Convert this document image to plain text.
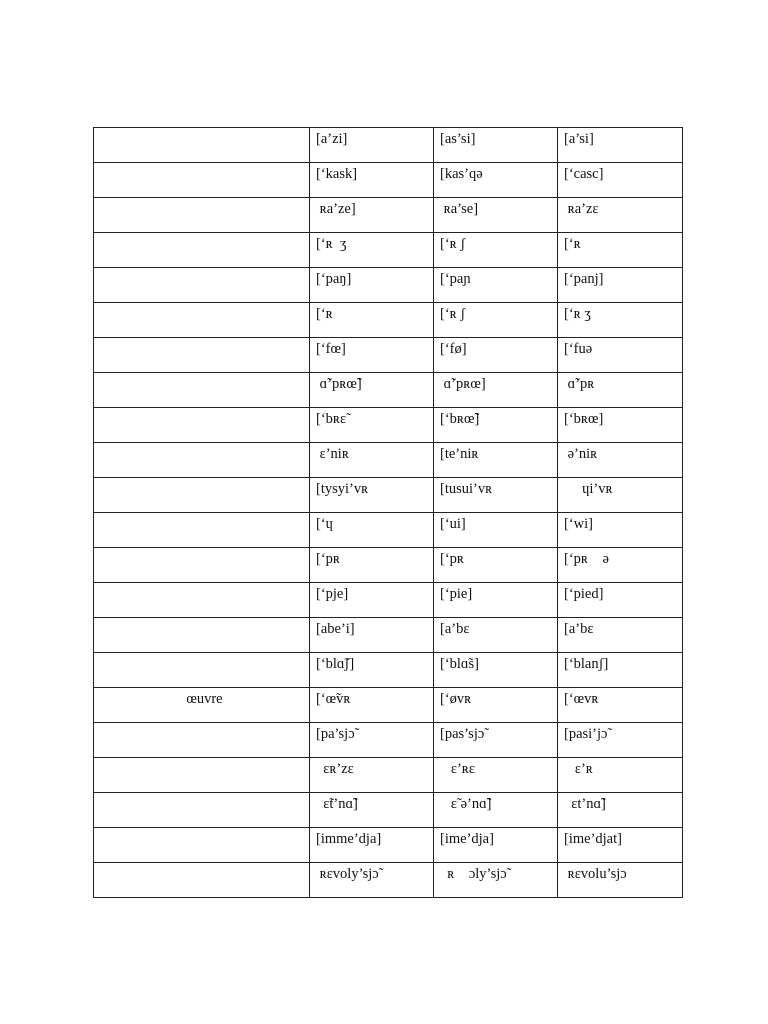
	[a’zi]	[as’si]	[a’si]

	[‘kask]	[kas’qə	[‘casc]

	ʀa’ze]	ʀa’se]	ʀa’zɛ

	[‘ʀ  ʒ	[‘ʀ ʃ	[‘ʀ

	[‘paŋ]	[‘paɲ	[‘panj]

	[‘ʀ	[‘ʀ ʃ	[‘ʀ ʒ

	[‘fœ]	[‘fø]	[‘fuə

	ɑ̃’pʀœ̃]	ɑ̃’pʀœ]	ɑ̃’pʀ

	[‘bʀɛ̃	[‘bʀœ̃]	[‘bʀœ]

	ɛ’niʀ	[te’niʀ	ə’niʀ

	[tysyi’vʀ	[tusui’vʀ	ɥi’vʀ

	[‘ɥ	[‘ui]	[‘wi]

	[‘pʀ	[‘pʀ	[‘pʀ    ə

	[‘pje]	[‘pie]	[‘pied]

	[abe’i]	[a’bɛ	[a’bɛ

	[‘blɑ̃ʃ]	[‘blɑ̃s]	[‘blanʃ]

œuvre	[‘œ̃vʀ	[‘øvʀ	[‘œvʀ

	[pa’sjɔ̃	[pas’sjɔ̃	[pasi’jɔ̃

	ɛʀ’zɛ	ɛ’ʀɛ	ɛ’ʀ

	ɛ̃t’nɑ̃]	ɛ̃ ə’nɑ̃]	ɛt’nɑ̃]

	[imme’dja]	[ime’dja]	[ime’djat]

	ʀɛvoly’sjɔ̃	ʀ    ɔly’sjɔ̃	ʀɛvolu’sjɔ
